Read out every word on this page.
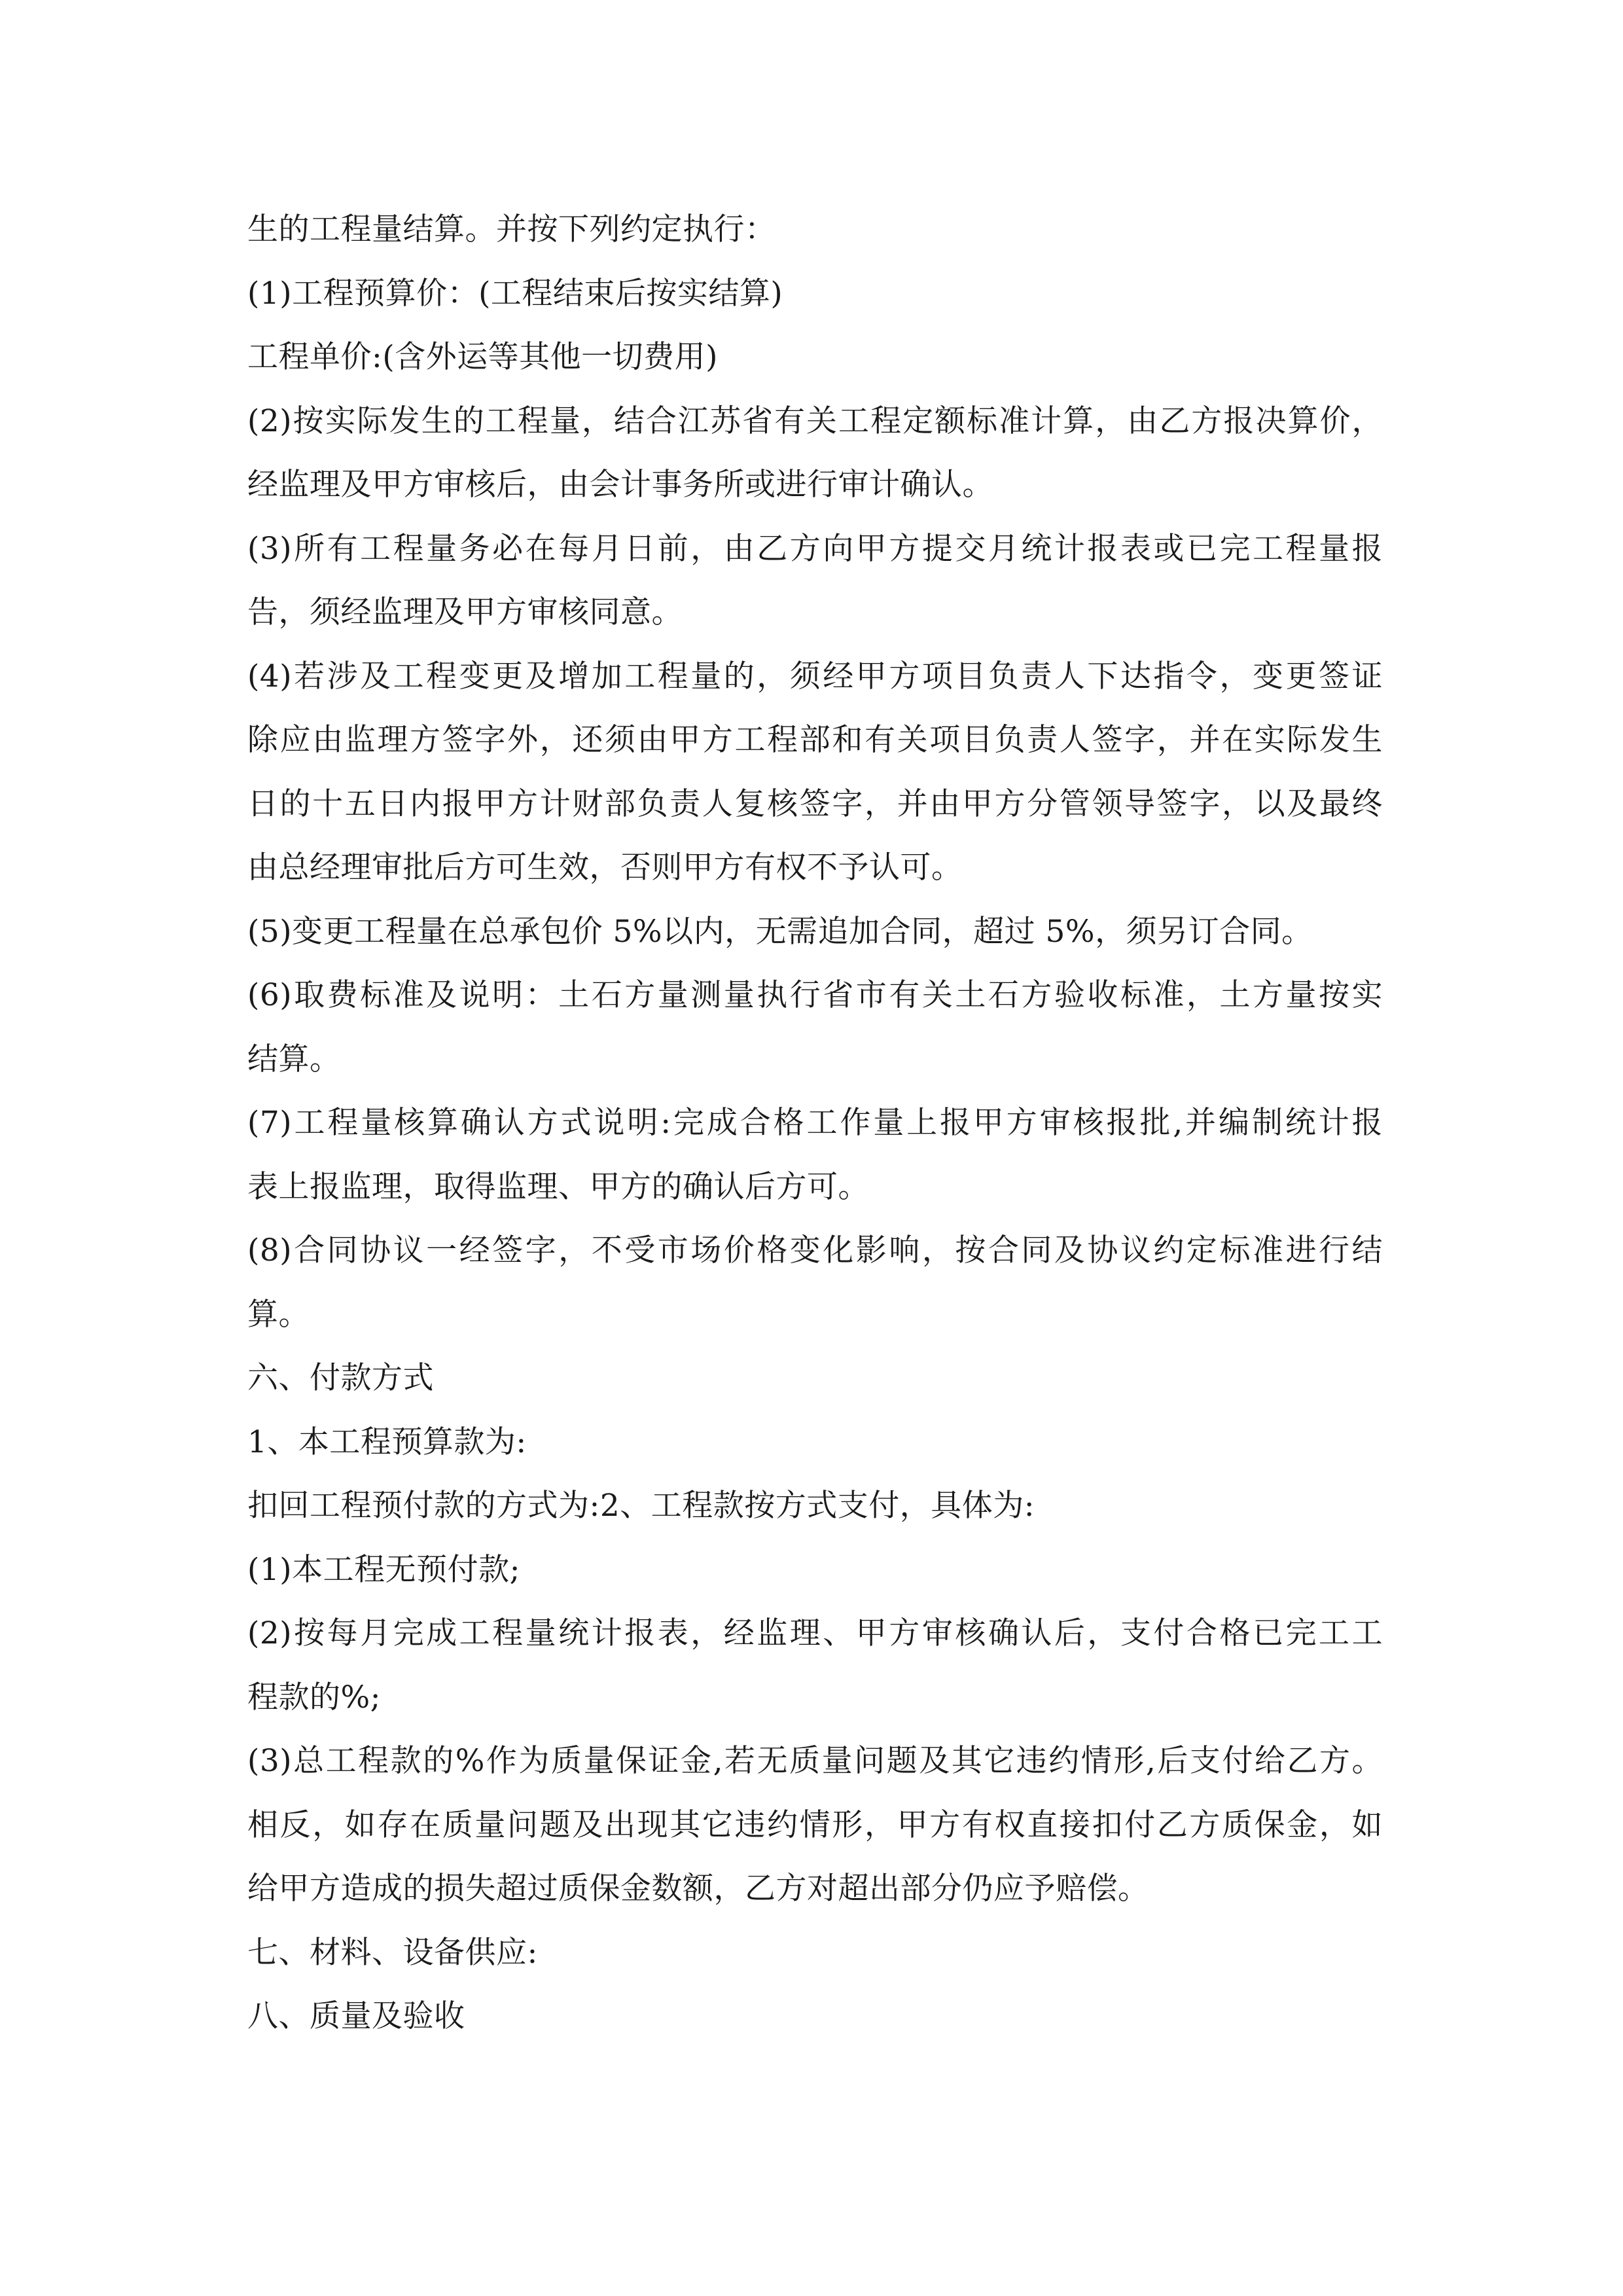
生的工程量结算。并按下列约定执行：
(1)工程预算价：(工程结束后按实结算)
工程单价:(含外运等其他一切费用)
(2)按实际发生的工程量，结合江苏省有关工程定额标准计算，由乙方报决算价，
经监理及甲方审核后，由会计事务所或进行审计确认。
(3)所有工程量务必在每月日前，由乙方向甲方提交月统计报表或已完工程量报
告，须经监理及甲方审核同意。
(4)若涉及工程变更及增加工程量的，须经甲方项目负责人下达指令，变更签证
除应由监理方签字外，还须由甲方工程部和有关项目负责人签字，并在实际发生
日的十五日内报甲方计财部负责人复核签字，并由甲方分管领导签字，以及最终
由总经理审批后方可生效，否则甲方有权不予认可。
(5)变更工程量在总承包价 5%以内，无需追加合同，超过 5%，须另订合同。
(6)取费标准及说明：土石方量测量执行省市有关土石方验收标准，土方量按实
结算。
(7)工程量核算确认方式说明:完成合格工作量上报甲方审核报批,并编制统计报
表上报监理，取得监理、甲方的确认后方可。
(8)合同协议一经签字，不受市场价格变化影响，按合同及协议约定标准进行结
算。
六、付款方式
1、本工程预算款为:
扣回工程预付款的方式为:2、工程款按方式支付，具体为:
(1)本工程无预付款;
(2)按每月完成工程量统计报表，经监理、甲方审核确认后，支付合格已完工工
程款的%;
(3)总工程款的%作为质量保证金,若无质量问题及其它违约情形,后支付给乙方。
相反，如存在质量问题及出现其它违约情形，甲方有权直接扣付乙方质保金，如
给甲方造成的损失超过质保金数额，乙方对超出部分仍应予赔偿。
七、材料、设备供应:
八、质量及验收
